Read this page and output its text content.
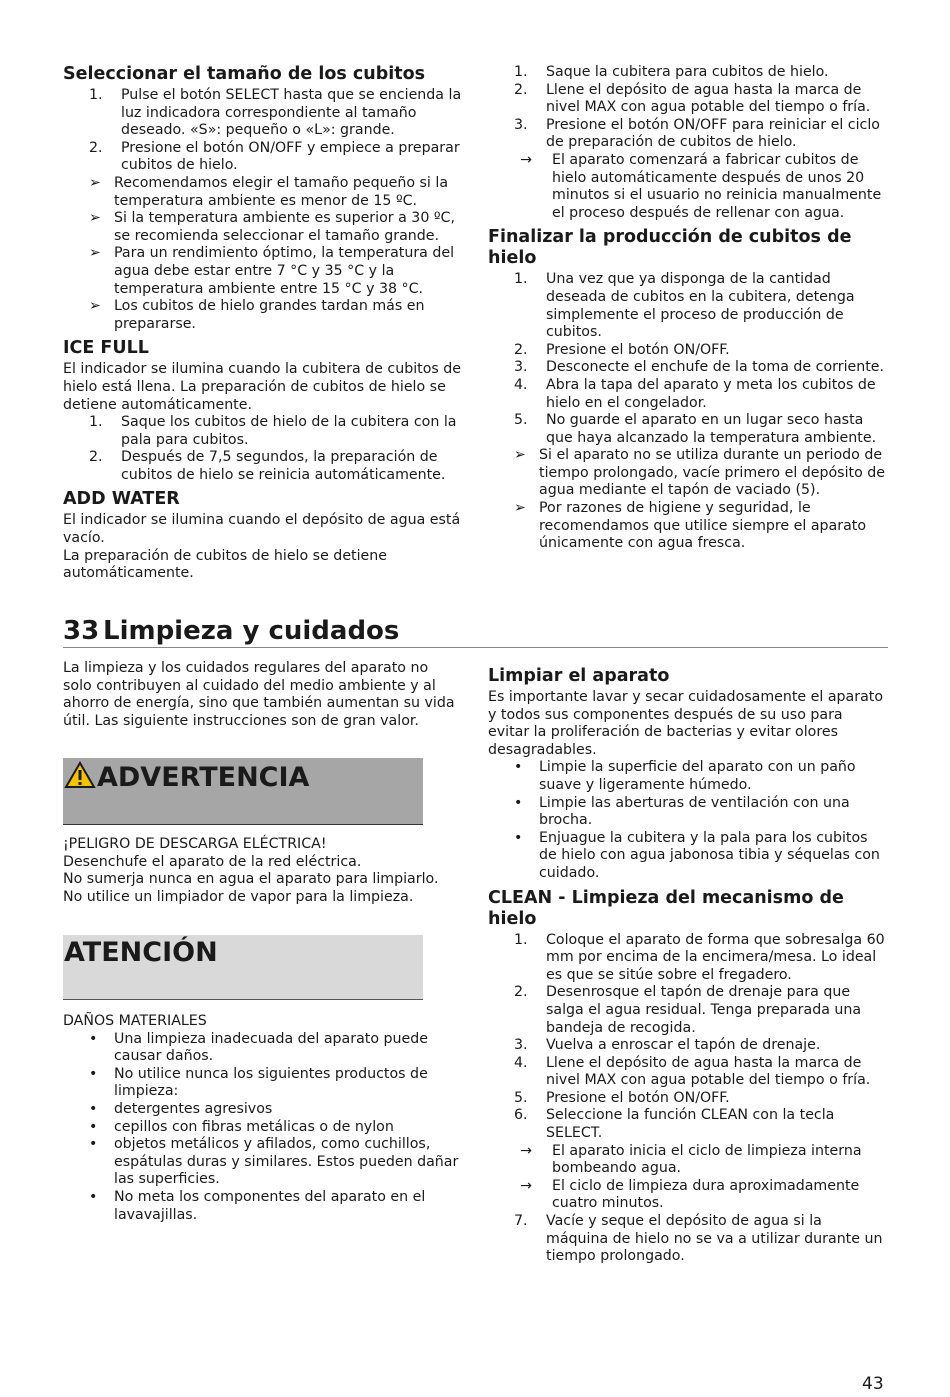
Seleccionar el tamaño de los cubitos
1. Pulse el botón SELECT hasta que se encienda la luz indicadora correspondiente al tamaño deseado. «S»: pequeño o «L»: grande.
2. Presione el botón ON/OFF y empiece a preparar cubitos de hielo.
➢ Recomendamos elegir el tamaño pequeño si la temperatura ambiente es menor de 15 ºC.
➢ Si la temperatura ambiente es superior a 30 ºC, se recomienda seleccionar el tamaño grande.
➢ Para un rendimiento óptimo, la temperatura del agua debe estar entre 7 °C y 35 °C y la temperatura ambiente entre 15 °C y 38 °C.
➢ Los cubitos de hielo grandes tardan más en prepararse.
ICE FULL

El indicador se ilumina cuando la cubitera de cubitos de hielo está llena. La preparación de cubitos de hielo se detiene automáticamente.

1. Saque los cubitos de hielo de la cubitera con la pala para cubitos.
2. Después de 7,5 segundos, la preparación de cubitos de hielo se reinicia automáticamente.
ADD WATER

El indicador se ilumina cuando el depósito de agua está vacío.

La preparación de cubitos de hielo se detiene automáticamente.

1. Saque la cubitera para cubitos de hielo.
2. Llene el depósito de agua hasta la marca de nivel MAX con agua potable del tiempo o fría.
3. Presione el botón ON/OFF para reiniciar el ciclo de preparación de cubitos de hielo.
→ El aparato comenzará a fabricar cubitos de hielo automáticamente después de unos 20 minutos si el usuario no reinicia manualmente el proceso después de rellenar con agua.
Finalizar la producción de cubitos de hielo
1. Una vez que ya disponga de la cantidad deseada de cubitos en la cubitera, detenga simplemente el proceso de producción de cubitos.
2. Presione el botón ON/OFF.
3. Desconecte el enchufe de la toma de corriente.
4. Abra la tapa del aparato y meta los cubitos de hielo en el congelador.
5. No guarde el aparato en un lugar seco hasta que haya alcanzado la temperatura ambiente.
➢ Si el aparato no se utiliza durante un periodo de tiempo prolongado, vacíe primero el depósito de agua mediante el tapón de vaciado (5).
➢ Por razones de higiene y seguridad, le recomendamos que utilice siempre el aparato únicamente con agua fresca.
33 Limpieza y cuidados

La limpieza y los cuidados regulares del aparato no solo contribuyen al cuidado del medio ambiente y al ahorro de energía, sino que también aumentan su vida útil. Las siguiente instrucciones son de gran valor.

ADVERTENCIA

¡PELIGRO DE DESCARGA ELÉCTRICA!

Desenchufe el aparato de la red eléctrica.

No sumerja nunca en agua el aparato para limpiarlo.

No utilice un limpiador de vapor para la limpieza.

ATENCIÓN

DAÑOS MATERIALES

• Una limpieza inadecuada del aparato puede causar daños.
• No utilice nunca los siguientes productos de limpieza:
• detergentes agresivos
• cepillos con fibras metálicas o de nylon
• objetos metálicos y afilados, como cuchillos, espátulas duras y similares. Estos pueden dañar las superficies.
• No meta los componentes del aparato en el lavavajillas.
Limpiar el aparato

Es importante lavar y secar cuidadosamente el aparato y todos sus componentes después de su uso para evitar la proliferación de bacterias y evitar olores desagradables.

• Limpie la superficie del aparato con un paño suave y ligeramente húmedo.
• Limpie las aberturas de ventilación con una brocha.
• Enjuague la cubitera y la pala para los cubitos de hielo con agua jabonosa tibia y séquelas con cuidado.
CLEAN - Limpieza del mecanismo de hielo
1. Coloque el aparato de forma que sobresalga 60 mm por encima de la encimera/mesa. Lo ideal es que se sitúe sobre el fregadero.
2. Desenrosque el tapón de drenaje para que salga el agua residual. Tenga preparada una bandeja de recogida.
3. Vuelva a enroscar el tapón de drenaje.
4. Llene el depósito de agua hasta la marca de nivel MAX con agua potable del tiempo o fría.
5. Presione el botón ON/OFF.
6. Seleccione la función CLEAN con la tecla SELECT.
→ El aparato inicia el ciclo de limpieza interna bombeando agua.
→ El ciclo de limpieza dura aproximadamente cuatro minutos.
7. Vacíe y seque el depósito de agua si la máquina de hielo no se va a utilizar durante un tiempo prolongado.
43
